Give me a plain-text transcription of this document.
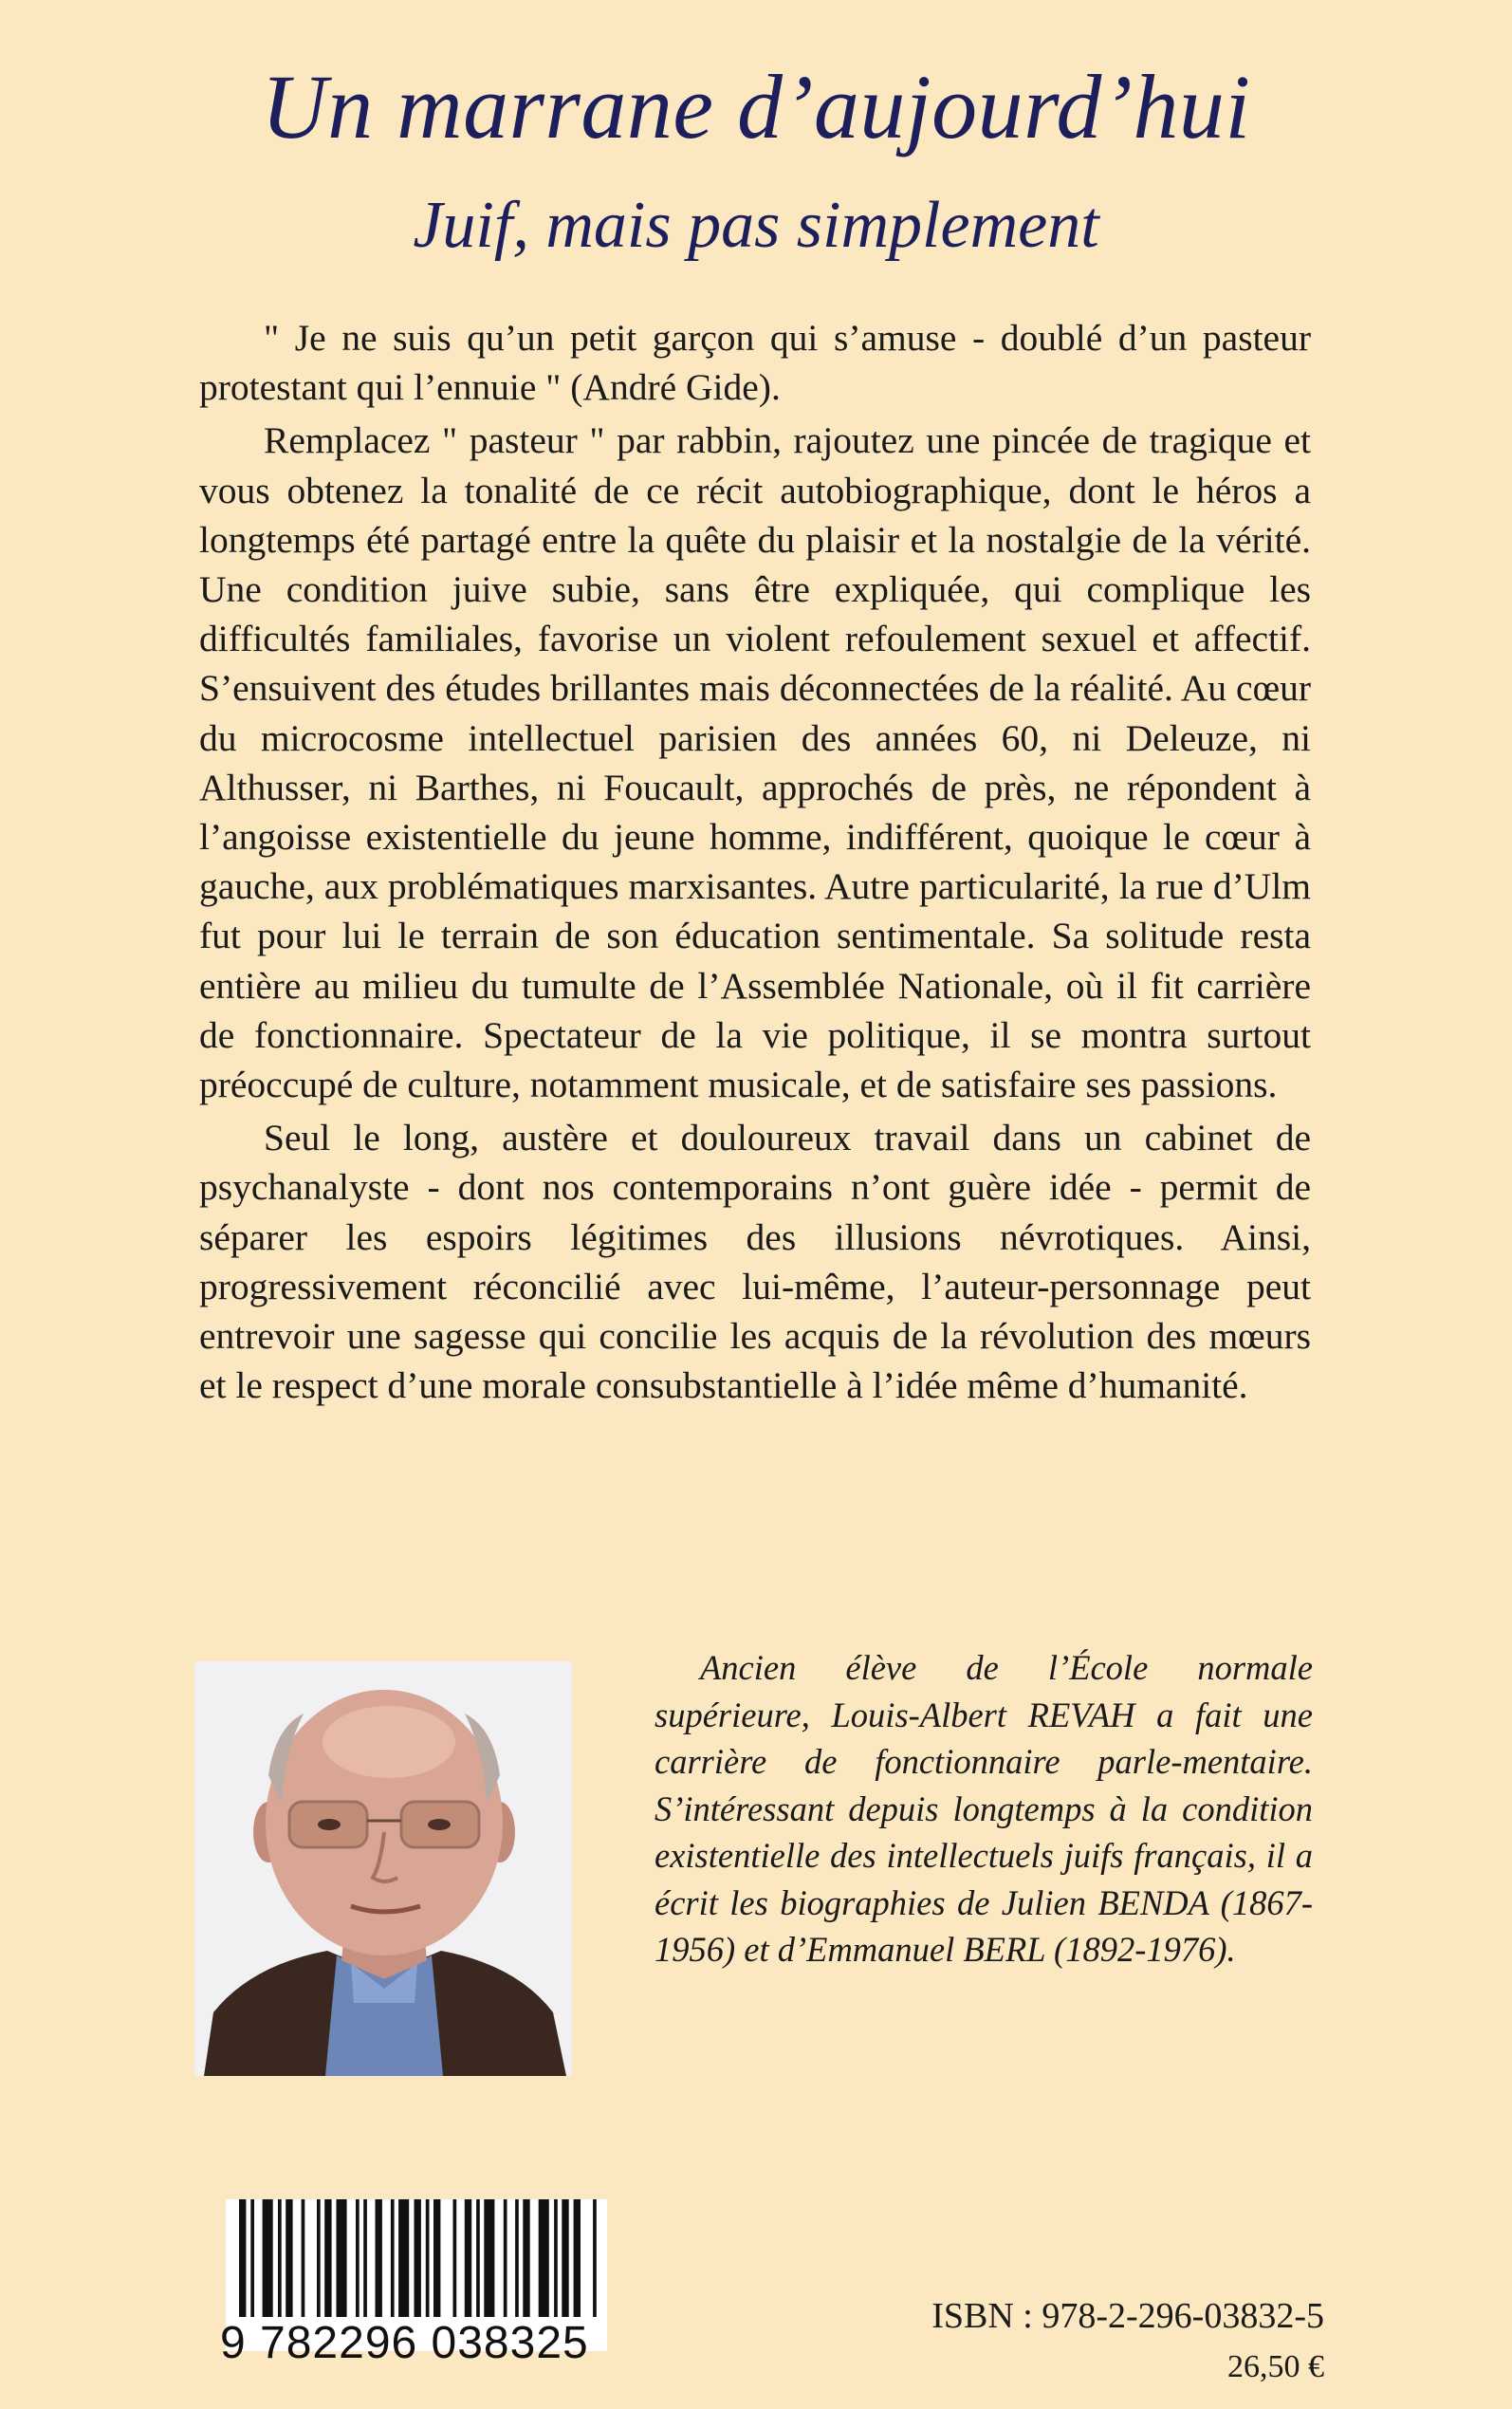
Un marrane d’aujourd’hui
Juif, mais pas simplement

" Je ne suis qu’un petit garçon qui s’amuse - doublé d’un pasteur protestant qui l’ennuie " (André Gide).

Remplacez " pasteur " par rabbin, rajoutez une pincée de tragique et vous obtenez la tonalité de ce récit autobiographique, dont le héros a longtemps été partagé entre la quête du plaisir et la nostalgie de la vérité. Une condition juive subie, sans être expliquée, qui complique les difficultés familiales, favorise un violent refoulement sexuel et affectif. S’ensuivent des études brillantes mais déconnectées de la réalité. Au cœur du microcosme intellectuel parisien des années 60, ni Deleuze, ni Althusser, ni Barthes, ni Foucault, approchés de près, ne répondent à l’angoisse existentielle du jeune homme, indifférent, quoique le cœur à gauche, aux problématiques marxisantes. Autre particularité, la rue d’Ulm fut pour lui le terrain de son éducation sentimentale. Sa solitude resta entière au milieu du tumulte de l’Assemblée Nationale, où il fit carrière de fonctionnaire. Spectateur de la vie politique, il se montra surtout préoccupé de culture, notamment musicale, et de satisfaire ses passions.

Seul le long, austère et douloureux travail dans un cabinet de psychanalyste - dont nos contemporains n’ont guère idée - permit de séparer les espoirs légitimes des illusions névrotiques. Ainsi, progressivement réconcilié avec lui-même, l’auteur-personnage peut entrevoir une sagesse qui concilie les acquis de la révolution des mœurs et le respect d’une morale consubstantielle à l’idée même d’humanité.

Ancien élève de l’École normale supérieure, Louis-Albert REVAH a fait une carrière de fonctionnaire parle-mentaire. S’intéressant depuis longtemps à la condition existentielle des intellectuels juifs français, il a écrit les biographies de Julien BENDA (1867-1956) et d’Emmanuel BERL (1892-1976).

9 782296 038325
ISBN : 978-2-296-03832-5
26,50 €
